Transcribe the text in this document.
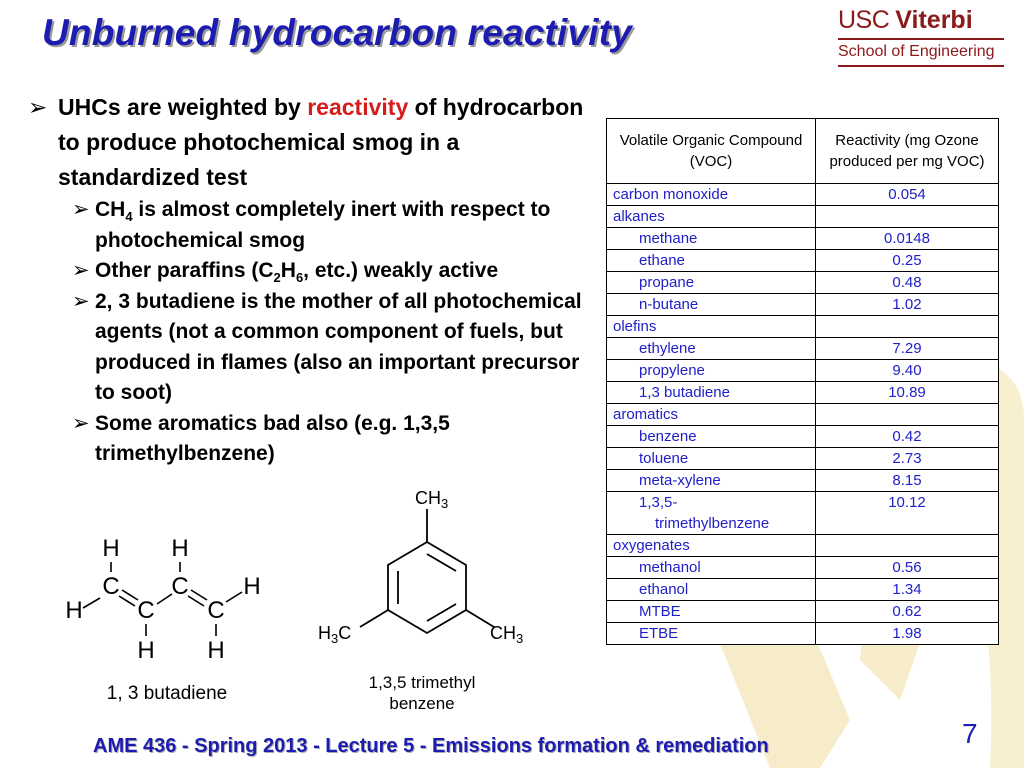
Unburned hydrocarbon reactivity	USC Viterbi
School of Engineering
➢ UHCs are weighted by reactivity of hydrocarbon to produce photochemical smog in a standardized test
➢ $CH_4$ is almost completely inert with respect to photochemical smog
➢ Other paraffins ($C_2H_6$, etc.) weakly active
➢ 2, 3 butadiene is the mother of all photochemical agents (not a common component of fuels, but produced in flames (also an important precursor to soot)
➢ Some aromatics bad also (e.g. 1,3,5 trimethylbenzene)
Volatile Organic Compound (VOC)	Reactivity (mg Ozone produced per mg VOC)
carbon monoxide	0.054
alkanes	
methane	0.0148
ethane	0.25
propane	0.48
n-butane	1.02
olefins	
ethylene	7.29
propylene	9.40
1,3 butadiene	10.89
aromatics	
benzene	0.42
toluene	2.73
meta-xylene	8.15

1,3,5-
trimethylbenzene	10.12
oxygenates	
methanol	0.56
ethanol	1.34
MTBE	0.62
ETBE	1.98
H H
C C H
H C C
H H
$CH_3$
$H_3C$	$CH_3$
1, 3 butadiene
1,3,5 trimethyl
benzene
AME 436 - Spring 2013 - Lecture 5 - Emissions formation & remediation	7
